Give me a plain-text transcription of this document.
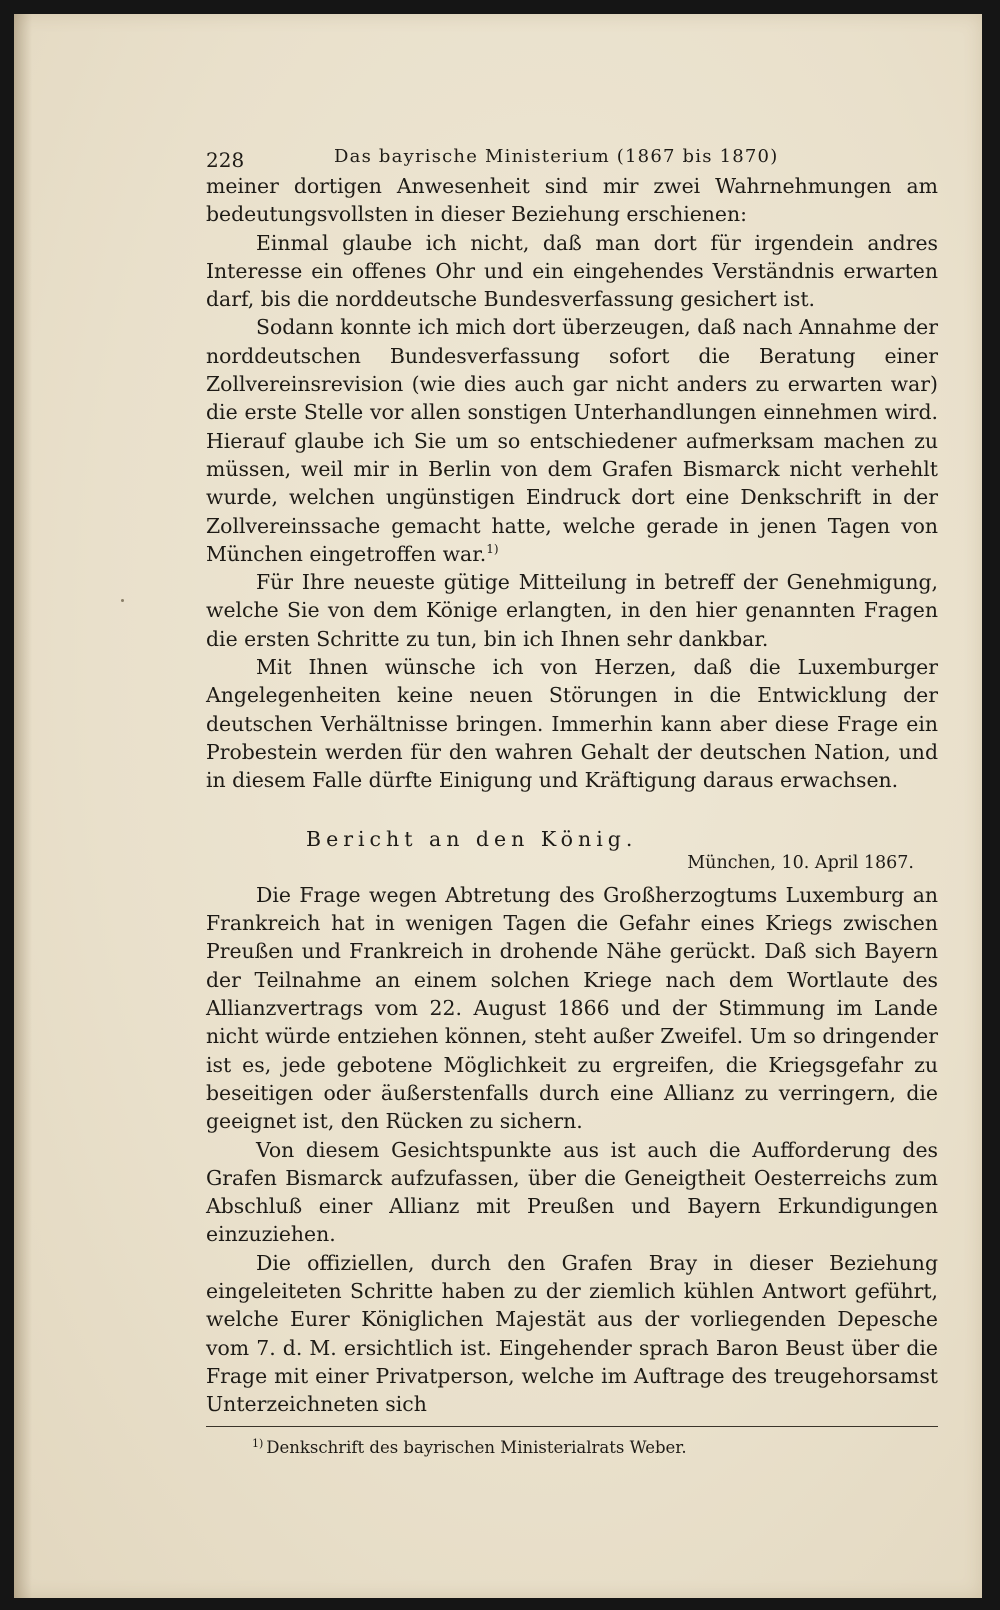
228	Das bayrische Ministerium (1867 bis 1870)

meiner dortigen Anwesenheit sind mir zwei Wahrnehmungen am bedeutungsvollsten in dieser Beziehung erschienen:

Einmal glaube ich nicht, daß man dort für irgendein andres Interesse ein offenes Ohr und ein eingehendes Verständnis erwarten darf, bis die norddeutsche Bundesverfassung gesichert ist.

Sodann konnte ich mich dort überzeugen, daß nach Annahme der norddeutschen Bundesverfassung sofort die Beratung einer Zollvereinsrevision (wie dies auch gar nicht anders zu erwarten war) die erste Stelle vor allen sonstigen Unterhandlungen einnehmen wird. Hierauf glaube ich Sie um so entschiedener aufmerksam machen zu müssen, weil mir in Berlin von dem Grafen Bismarck nicht verhehlt wurde, welchen ungünstigen Eindruck dort eine Denkschrift in der Zollvereinssache gemacht hatte, welche gerade in jenen Tagen von München eingetroffen war.$^{1)}$

Für Ihre neueste gütige Mitteilung in betreff der Genehmigung, welche Sie von dem Könige erlangten, in den hier genannten Fragen die ersten Schritte zu tun, bin ich Ihnen sehr dankbar.

Mit Ihnen wünsche ich von Herzen, daß die Luxemburger Angelegenheiten keine neuen Störungen in die Entwicklung der deutschen Verhältnisse bringen. Immerhin kann aber diese Frage ein Probestein werden für den wahren Gehalt der deutschen Nation, und in diesem Falle dürfte Einigung und Kräftigung daraus erwachsen.

Bericht an den König.
München, 10. April 1867.

Die Frage wegen Abtretung des Großherzogtums Luxemburg an Frankreich hat in wenigen Tagen die Gefahr eines Kriegs zwischen Preußen und Frankreich in drohende Nähe gerückt. Daß sich Bayern der Teilnahme an einem solchen Kriege nach dem Wortlaute des Allianzvertrags vom 22. August 1866 und der Stimmung im Lande nicht würde entziehen können, steht außer Zweifel. Um so dringender ist es, jede gebotene Möglichkeit zu ergreifen, die Kriegsgefahr zu beseitigen oder äußerstenfalls durch eine Allianz zu verringern, die geeignet ist, den Rücken zu sichern.

Von diesem Gesichtspunkte aus ist auch die Aufforderung des Grafen Bismarck aufzufassen, über die Geneigtheit Oesterreichs zum Abschluß einer Allianz mit Preußen und Bayern Erkundigungen einzuziehen.

Die offiziellen, durch den Grafen Bray in dieser Beziehung eingeleiteten Schritte haben zu der ziemlich kühlen Antwort geführt, welche Eurer Königlichen Majestät aus der vorliegenden Depesche vom 7. d. M. ersichtlich ist. Eingehender sprach Baron Beust über die Frage mit einer Privatperson, welche im Auftrage des treugehorsamst Unterzeichneten sich

$^{1)}$ Denkschrift des bayrischen Ministerialrats Weber.
